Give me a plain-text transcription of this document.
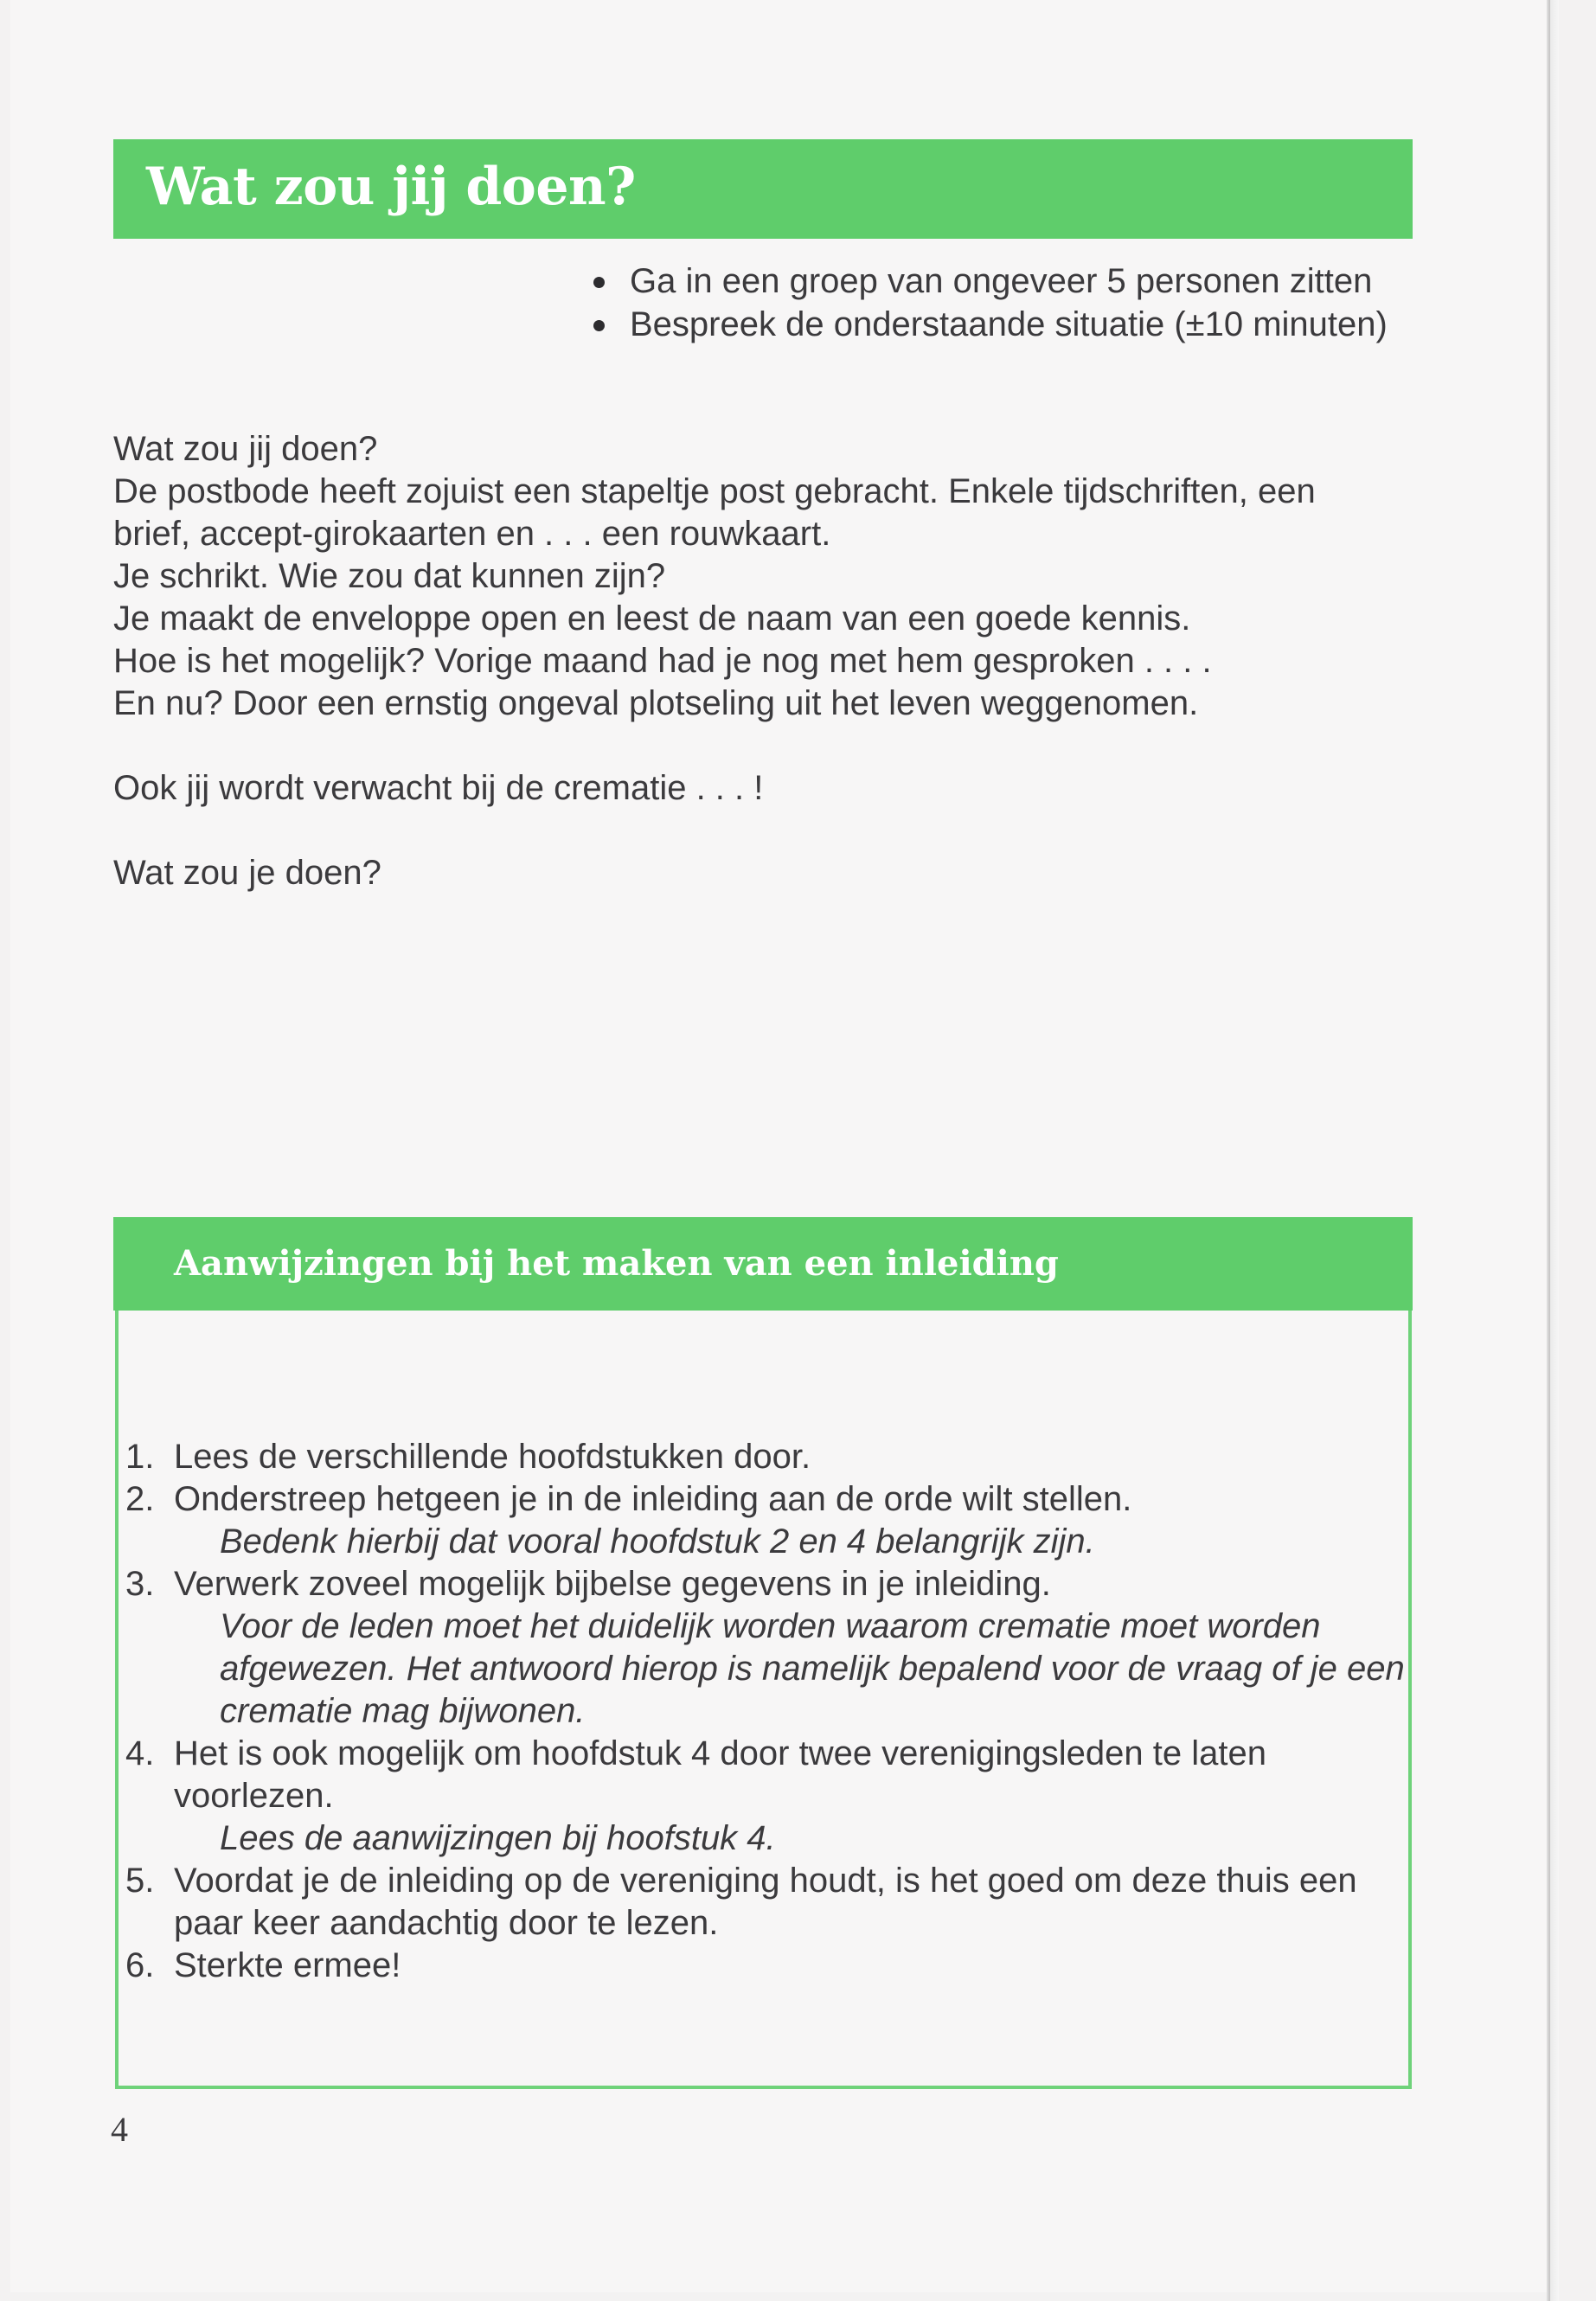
Wat zou jij doen?
Ga in een groep van ongeveer 5 personen zitten
Bespreek de onderstaande situatie (±10 minuten)

Wat zou jij doen?

De postbode heeft zojuist een stapeltje post gebracht. Enkele tijdschriften, een

brief, accept-girokaarten en . . . een rouwkaart.

Je schrikt. Wie zou dat kunnen zijn?

Je maakt de enveloppe open en leest de naam van een goede kennis.

Hoe is het mogelijk? Vorige maand had je nog met hem gesproken . . . .

En nu? Door een ernstig ongeval plotseling uit het leven weggenomen.

Ook jij wordt verwacht bij de crematie . . . !

Wat zou je doen?

Aanwijzingen bij het maken van een inleiding
1. Lees de verschillende hoofdstukken door.
2. Onderstreep hetgeen je in de inleiding aan de orde wilt stellen.
Bedenk hierbij dat vooral hoofdstuk 2 en 4 belangrijk zijn.
3. Verwerk zoveel mogelijk bijbelse gegevens in je inleiding.
Voor de leden moet het duidelijk worden waarom crematie moet worden afgewezen. Het antwoord hierop is namelijk bepalend voor de vraag of je een crematie mag bijwonen.
4. Het is ook mogelijk om hoofdstuk 4 door twee verenigingsleden te laten voorlezen.
Lees de aanwijzingen bij hoofstuk 4.
5. Voordat je de inleiding op de vereniging houdt, is het goed om deze thuis een paar keer aandachtig door te lezen.
6. Sterkte ermee!
4
